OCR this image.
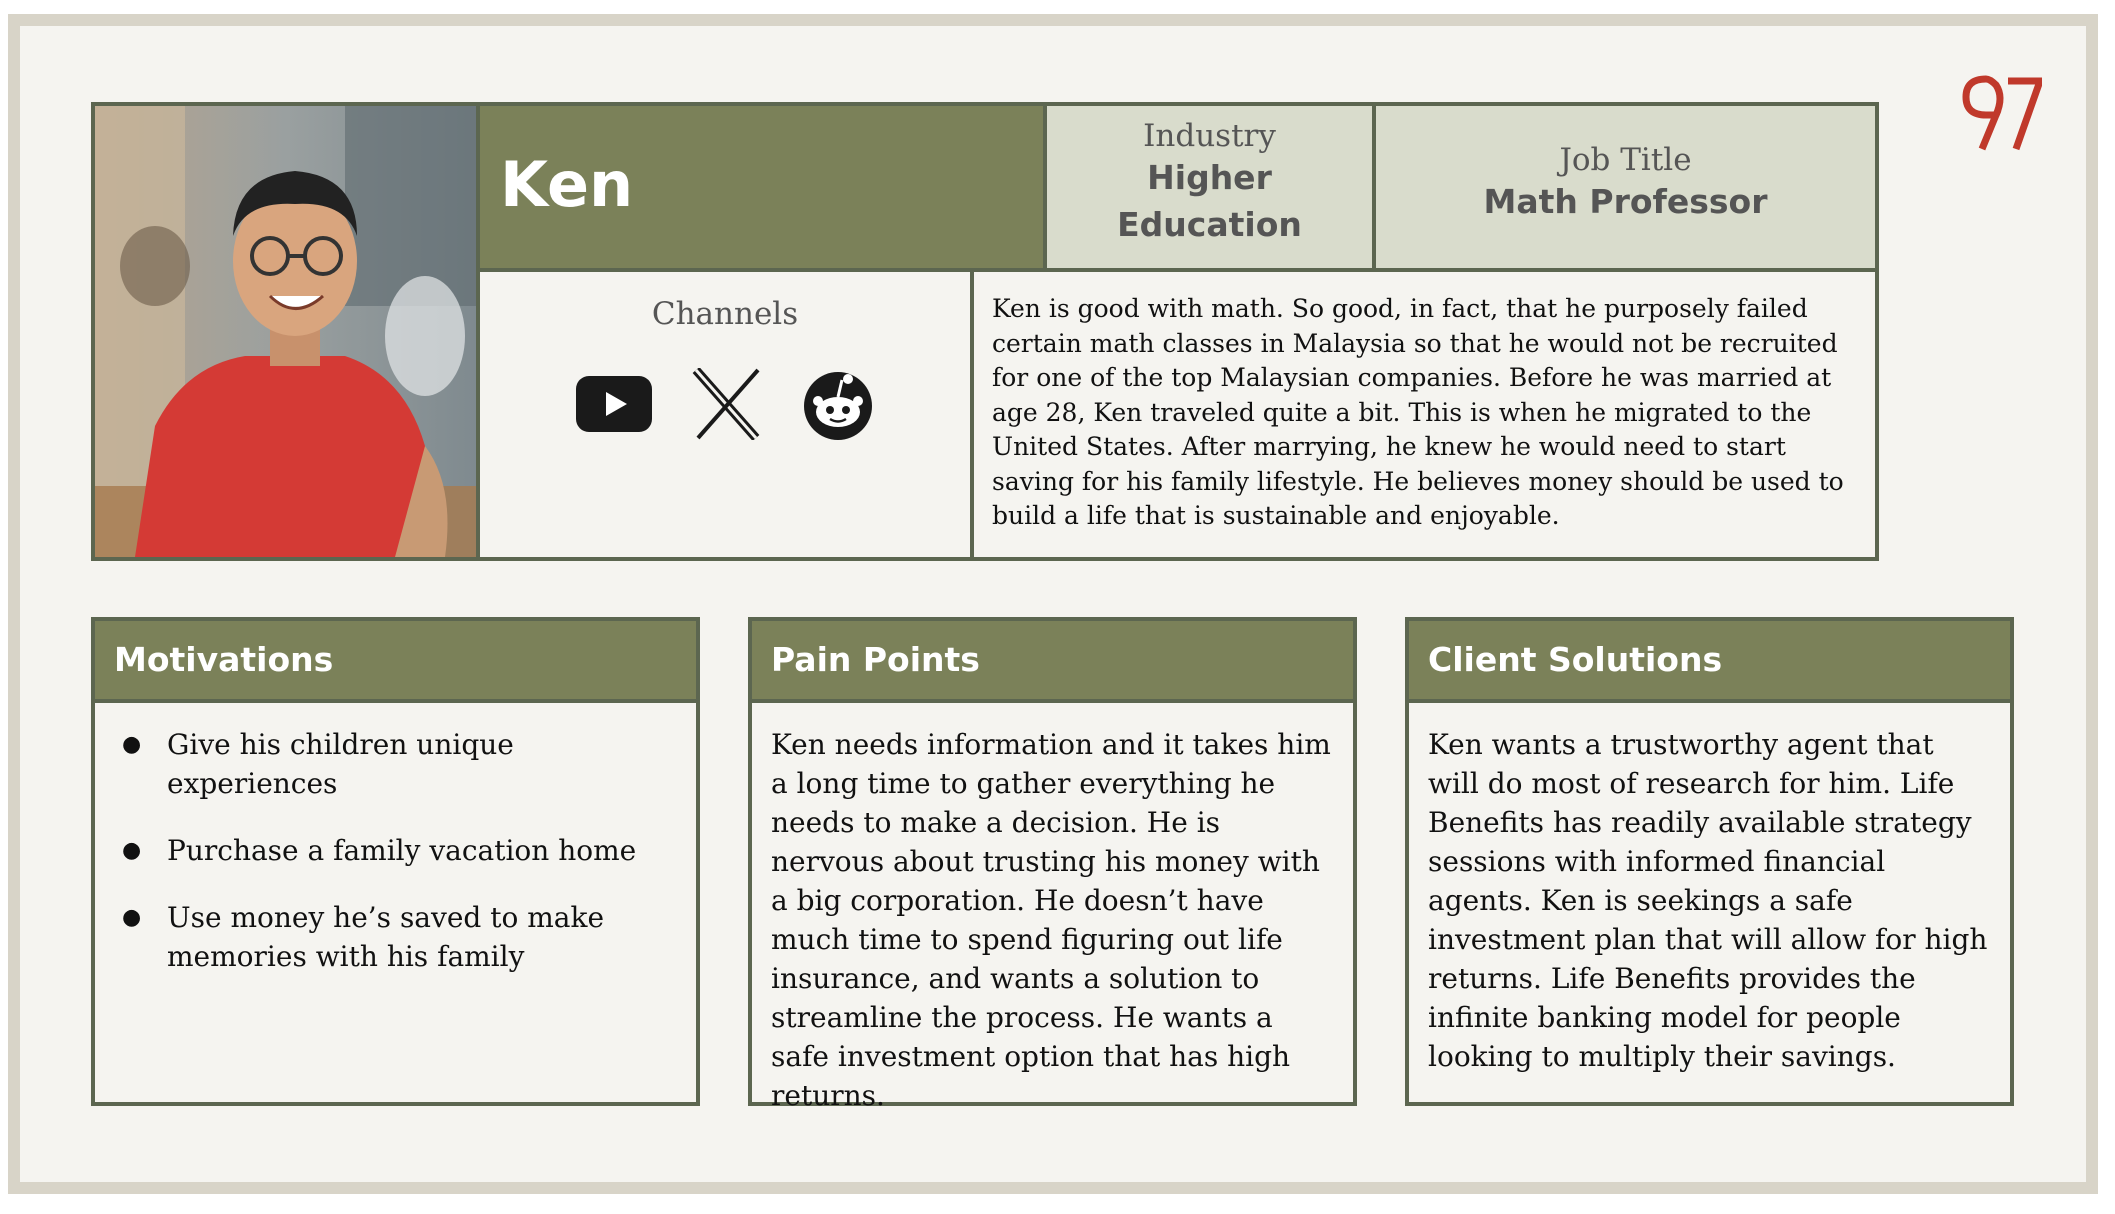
Ken
Industry
Higher
Education
Job Title
Math Professor
Channels	Ken is good with math. So good, in fact, that he purposely failed certain math classes in Malaysia so that he would not be recruited for one of the top Malaysian companies. Before he was married at age 28, Ken traveled quite a bit. This is when he migrated to the United States. After marrying, he knew he would need to start saving for his family lifestyle. He believes money should be used to build a life that is sustainable and enjoyable.

Motivations
● Give his children unique experiences
● Purchase a family vacation home
● Use money he’s saved to make memories with his family
Pain Points
Ken needs information and it takes him a long time to gather everything he needs to make a decision. He is nervous about trusting his money with a big corporation. He doesn’t have much time to spend figuring out life insurance, and wants a solution to streamline the process. He wants a safe investment option that has high returns.
Client Solutions
Ken wants a trustworthy agent that will do most of research for him. Life Benefits has readily available strategy sessions with informed financial agents. Ken is seekings a safe investment plan that will allow for high returns. Life Benefits provides the infinite banking model for people looking to multiply their savings.
